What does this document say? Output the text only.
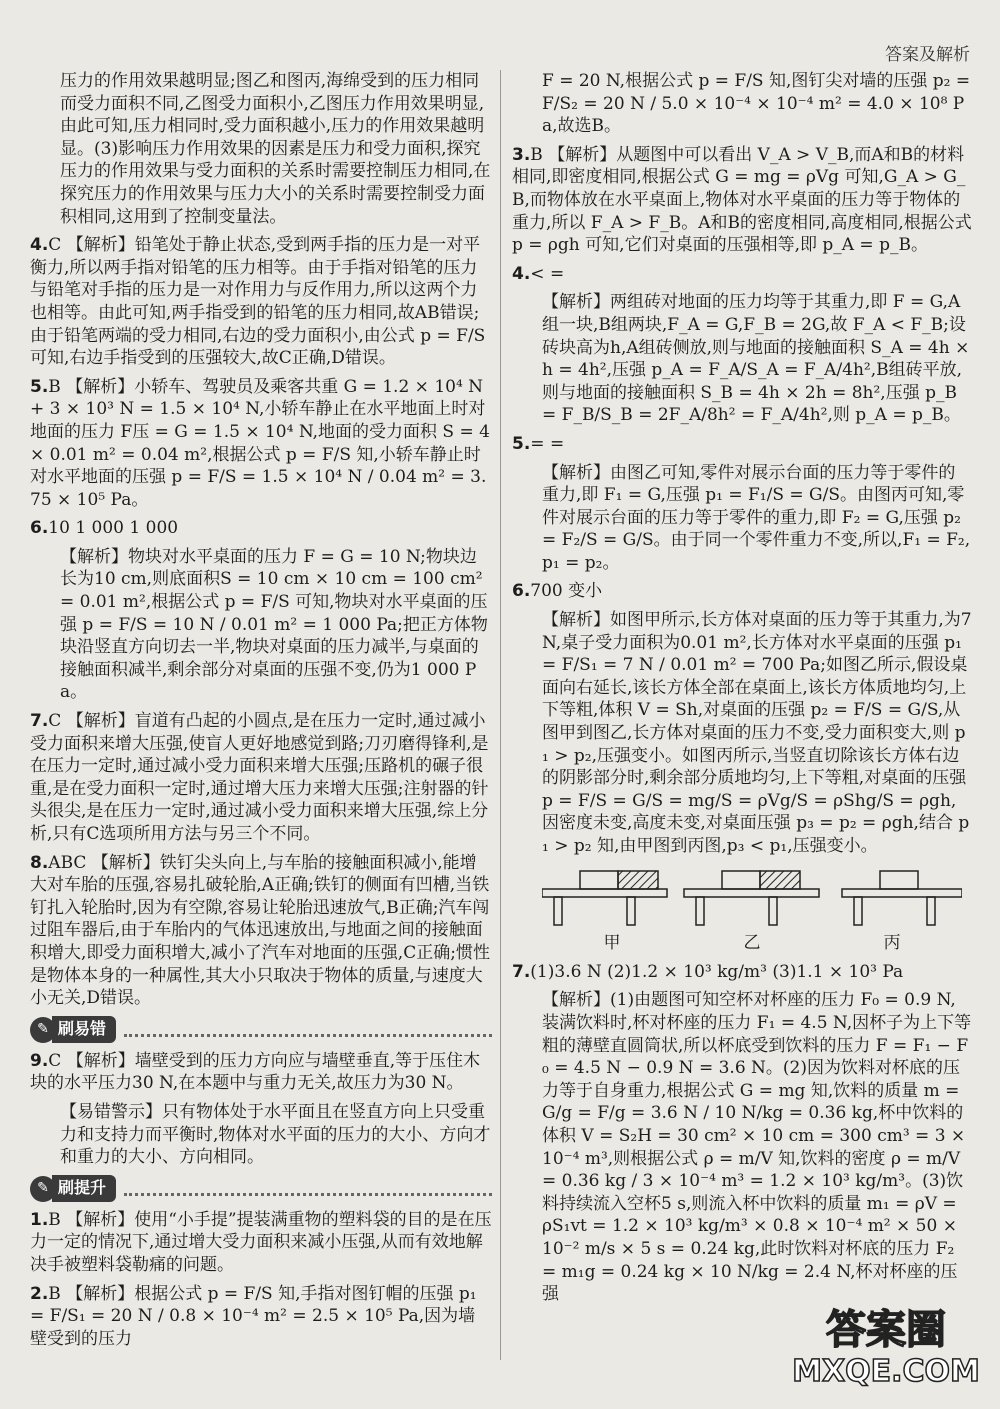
答案及解析

压力的作用效果越明显;图乙和图丙,海绵受到的压力相同而受力面积不同,乙图受力面积小,乙图压力作用效果明显,由此可知,压力相同时,受力面积越小,压力的作用效果越明显。(3)影响压力作用效果的因素是压力和受力面积,探究压力的作用效果与受力面积的关系时需要控制压力相同,在探究压力的作用效果与压力大小的关系时需要控制受力面积相同,这用到了控制变量法。

4.C 【解析】铅笔处于静止状态,受到两手指的压力是一对平衡力,所以两手指对铅笔的压力相等。由于手指对铅笔的压力与铅笔对手指的压力是一对作用力与反作用力,所以这两个力也相等。由此可知,两手指受到的铅笔的压力相同,故AB错误;由于铅笔两端的受力相同,右边的受力面积小,由公式 p = F/S 可知,右边手指受到的压强较大,故C正确,D错误。

5.B 【解析】小轿车、驾驶员及乘客共重 G = 1.2 × 10⁴ N + 3 × 10³ N = 1.5 × 10⁴ N,小轿车静止在水平地面上时对地面的压力 F压 = G = 1.5 × 10⁴ N,地面的受力面积 S = 4 × 0.01 m² = 0.04 m²,根据公式 p = F/S 知,小轿车静止时对水平地面的压强 p = F/S = 1.5 × 10⁴ N / 0.04 m² = 3.75 × 10⁵ Pa。

6.10 1 000 1 000

【解析】物块对水平桌面的压力 F = G = 10 N;物块边长为10 cm,则底面积S = 10 cm × 10 cm = 100 cm² = 0.01 m²,根据公式 p = F/S 可知,物块对水平桌面的压强 p = F/S = 10 N / 0.01 m² = 1 000 Pa;把正方体物块沿竖直方向切去一半,物块对桌面的压力减半,与桌面的接触面积减半,剩余部分对桌面的压强不变,仍为1 000 Pa。

7.C 【解析】盲道有凸起的小圆点,是在压力一定时,通过减小受力面积来增大压强,使盲人更好地感觉到路;刀刃磨得锋利,是在压力一定时,通过减小受力面积来增大压强;压路机的碾子很重,是在受力面积一定时,通过增大压力来增大压强;注射器的针头很尖,是在压力一定时,通过减小受力面积来增大压强,综上分析,只有C选项所用方法与另三个不同。

8.ABC 【解析】铁钉尖头向上,与车胎的接触面积减小,能增大对车胎的压强,容易扎破轮胎,A正确;铁钉的侧面有凹槽,当铁钉扎入轮胎时,因为有空隙,容易让轮胎迅速放气,B正确;汽车闯过阻车器后,由于车胎内的气体迅速放出,与地面之间的接触面积增大,即受力面积增大,减小了汽车对地面的压强,C正确;惯性是物体本身的一种属性,其大小只取决于物体的质量,与速度大小无关,D错误。

✎ 刷易错

9.C 【解析】墙壁受到的压力方向应与墙壁垂直,等于压住木块的水平压力30 N,在本题中与重力无关,故压力为30 N。

【易错警示】只有物体处于水平面且在竖直方向上只受重力和支持力而平衡时,物体对水平面的压力的大小、方向才和重力的大小、方向相同。

✎ 刷提升

1.B 【解析】使用“小手提”提装满重物的塑料袋的目的是在压力一定的情况下,通过增大受力面积来减小压强,从而有效地解决手被塑料袋勒痛的问题。

2.B 【解析】根据公式 p = F/S 知,手指对图钉帽的压强 p₁ = F/S₁ = 20 N / 0.8 × 10⁻⁴ m² = 2.5 × 10⁵ Pa,因为墙壁受到的压力

F = 20 N,根据公式 p = F/S 知,图钉尖对墙的压强 p₂ = F/S₂ = 20 N / 5.0 × 10⁻⁴ × 10⁻⁴ m² = 4.0 × 10⁸ Pa,故选B。

3.B 【解析】从题图中可以看出 V_A > V_B,而A和B的材料相同,即密度相同,根据公式 G = mg = ρVg 可知,G_A > G_B,而物体放在水平桌面上,物体对水平桌面的压力等于物体的重力,所以 F_A > F_B。A和B的密度相同,高度相同,根据公式 p = ρgh 可知,它们对桌面的压强相等,即 p_A = p_B。

4.< =

【解析】两组砖对地面的压力均等于其重力,即 F = G,A组一块,B组两块,F_A = G,F_B = 2G,故 F_A < F_B;设砖块高为h,A组砖侧放,则与地面的接触面积 S_A = 4h × h = 4h²,压强 p_A = F_A/S_A = F_A/4h²,B组砖平放,则与地面的接触面积 S_B = 4h × 2h = 8h²,压强 p_B = F_B/S_B = 2F_A/8h² = F_A/4h²,则 p_A = p_B。

5.= =

【解析】由图乙可知,零件对展示台面的压力等于零件的重力,即 F₁ = G,压强 p₁ = F₁/S = G/S。由图丙可知,零件对展示台面的压力等于零件的重力,即 F₂ = G,压强 p₂ = F₂/S = G/S。由于同一个零件重力不变,所以,F₁ = F₂,p₁ = p₂。

6.700 变小

【解析】如图甲所示,长方体对桌面的压力等于其重力,为7 N,桌子受力面积为0.01 m²,长方体对水平桌面的压强 p₁ = F/S₁ = 7 N / 0.01 m² = 700 Pa;如图乙所示,假设桌面向右延长,该长方体全部在桌面上,该长方体质地均匀,上下等粗,体积 V = Sh,对桌面的压强 p₂ = F/S = G/S,从图甲到图乙,长方体对桌面的压力不变,受力面积变大,则 p₁ > p₂,压强变小。如图丙所示,当竖直切除该长方体右边的阴影部分时,剩余部分质地均匀,上下等粗,对桌面的压强 p = F/S = G/S = mg/S = ρVg/S = ρShg/S = ρgh,因密度未变,高度未变,对桌面压强 p₃ = p₂ = ρgh,结合 p₁ > p₂ 知,由甲图到丙图,p₃ < p₁,压强变小。

甲	乙	丙

7.(1)3.6 N (2)1.2 × 10³ kg/m³ (3)1.1 × 10³ Pa

【解析】(1)由题图可知空杯对杯座的压力 F₀ = 0.9 N,装满饮料时,杯对杯座的压力 F₁ = 4.5 N,因杯子为上下等粗的薄壁直圆筒状,所以杯底受到饮料的压力 F = F₁ − F₀ = 4.5 N − 0.9 N = 3.6 N。(2)因为饮料对杯底的压力等于自身重力,根据公式 G = mg 知,饮料的质量 m = G/g = F/g = 3.6 N / 10 N/kg = 0.36 kg,杯中饮料的体积 V = S₂H = 30 cm² × 10 cm = 300 cm³ = 3 × 10⁻⁴ m³,则根据公式 ρ = m/V 知,饮料的密度 ρ = m/V = 0.36 kg / 3 × 10⁻⁴ m³ = 1.2 × 10³ kg/m³。(3)饮料持续流入空杯5 s,则流入杯中饮料的质量 m₁ = ρV = ρS₁vt = 1.2 × 10³ kg/m³ × 0.8 × 10⁻⁴ m² × 50 × 10⁻² m/s × 5 s = 0.24 kg,此时饮料对杯底的压力 F₂ = m₁g = 0.24 kg × 10 N/kg = 2.4 N,杯对杯座的压强

答案圈
MXQE.COM
